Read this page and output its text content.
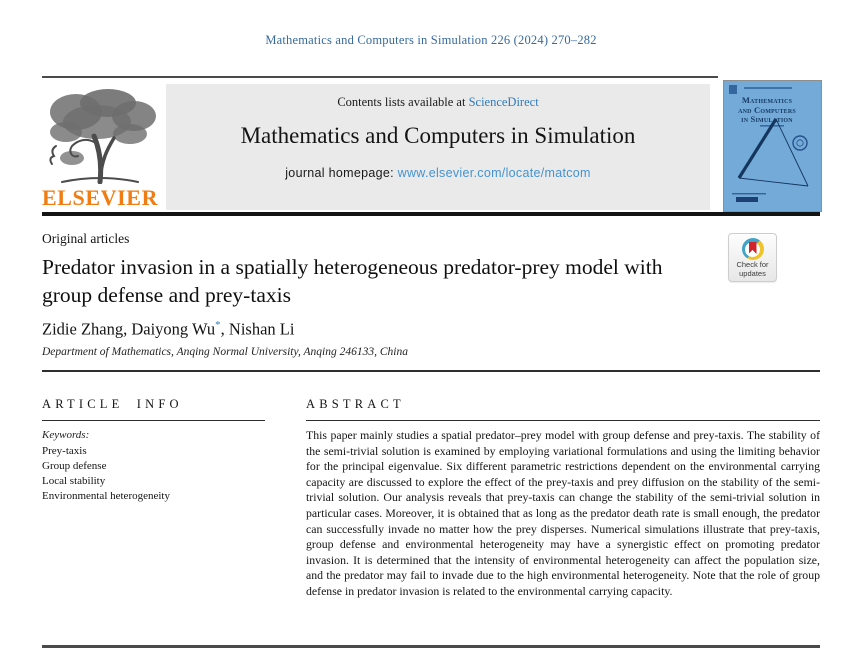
Mathematics and Computers in Simulation 226 (2024) 270–282
ELSEVIER
Contents lists available at ScienceDirect
Mathematics and Computers in Simulation
journal homepage: www.elsevier.com/locate/matcom
Mathematics
and Computers
in Simulation
Original articles
Predator invasion in a spatially heterogeneous predator-prey model with group defense and prey-taxis
Check for
updates
Zidie Zhang, Daiyong Wu*, Nishan Li
Department of Mathematics, Anqing Normal University, Anqing 246133, China
ARTICLE INFO
Keywords:
Prey-taxis
Group defense
Local stability
Environmental heterogeneity
ABSTRACT

This paper mainly studies a spatial predator–prey model with group defense and prey-taxis. The stability of the semi-trivial solution is examined by employing variational formulations and using the limiting behavior for the principal eigenvalue. Six different parametric restrictions dependent on the environmental carrying capacity are discussed to explore the effect of the prey-taxis and prey diffusion on the stability of the semi-trivial solution. Our analysis reveals that prey-taxis can change the stability of the semi-trivial solution in particular cases. Moreover, it is obtained that as long as the predator death rate is small enough, the predator can successfully invade no matter how the prey disperses. Numerical simulations illustrate that prey-taxis, group defense and environmental heterogeneity may have a synergistic effect on promoting predator invasion. It is determined that the intensity of environmental heterogeneity can affect the population size, and the predator may fail to invade due to the high environmental heterogeneity. Note that the role of group defense in predator invasion is related to the environmental carrying capacity.
